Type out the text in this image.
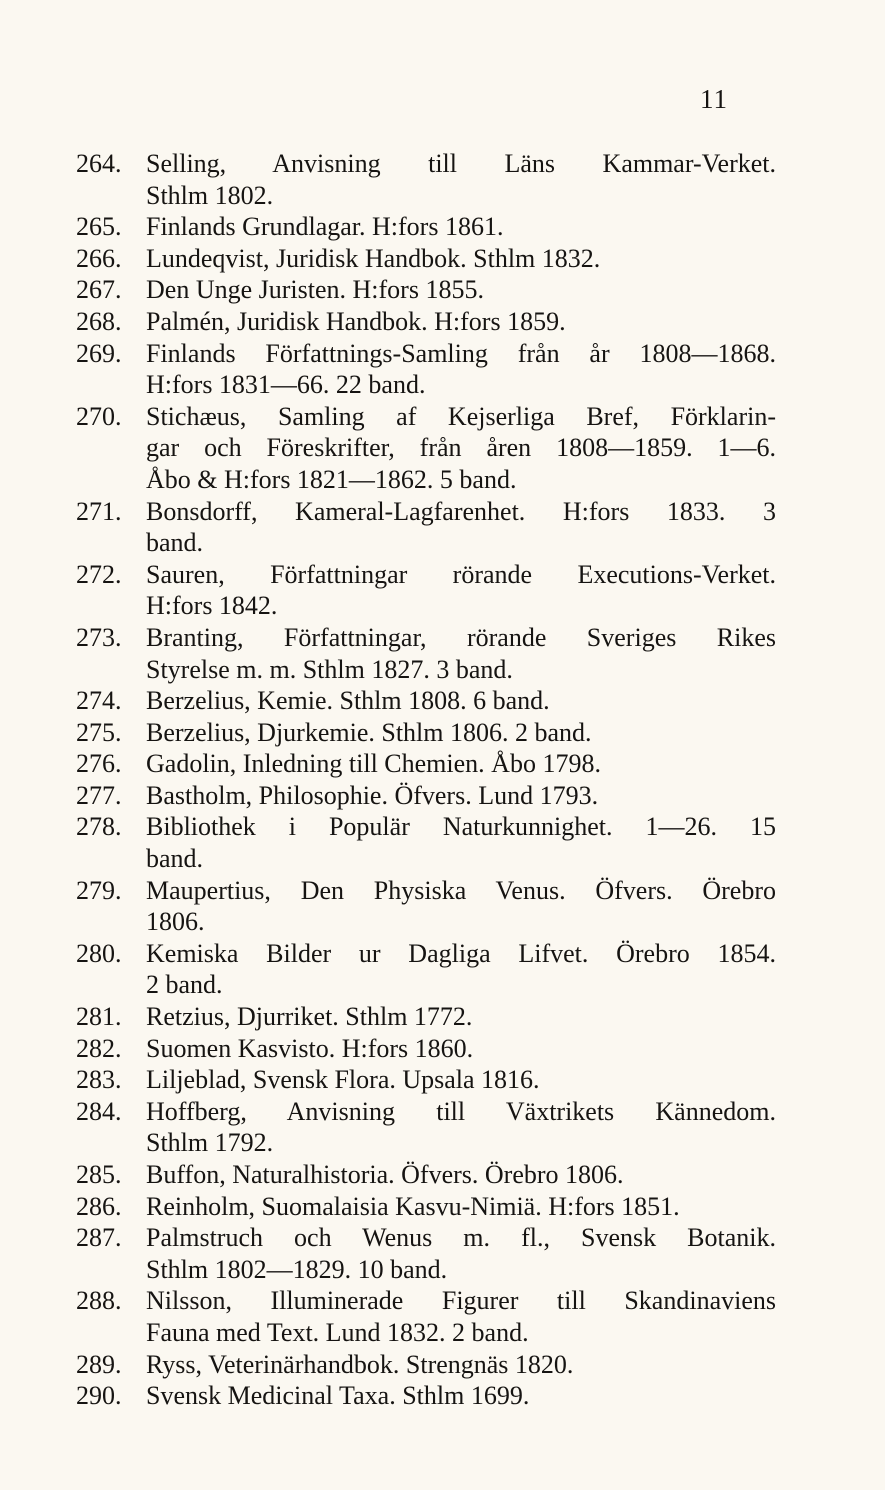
11
264. Selling, Anvisning till Läns Kammar-Verket.
Sthlm 1802.
265. Finlands Grundlagar. H:fors 1861.
266. Lundeqvist, Juridisk Handbok. Sthlm 1832.
267. Den Unge Juristen. H:fors 1855.
268. Palmén, Juridisk Handbok. H:fors 1859.
269. Finlands Författnings-Samling från år 1808—1868.
H:fors 1831—66. 22 band.
270. Stichæus, Samling af Kejserliga Bref, Förklarin-
gar och Föreskrifter, från åren 1808—1859. 1—6.
Åbo & H:fors 1821—1862. 5 band.
271. Bonsdorff, Kameral-Lagfarenhet. H:fors 1833. 3
band.
272. Sauren, Författningar rörande Executions-Verket.
H:fors 1842.
273. Branting, Författningar, rörande Sveriges Rikes
Styrelse m. m. Sthlm 1827. 3 band.
274. Berzelius, Kemie. Sthlm 1808. 6 band.
275. Berzelius, Djurkemie. Sthlm 1806. 2 band.
276. Gadolin, Inledning till Chemien. Åbo 1798.
277. Bastholm, Philosophie. Öfvers. Lund 1793.
278. Bibliothek i Populär Naturkunnighet. 1—26. 15
band.
279. Maupertius, Den Physiska Venus. Öfvers. Örebro
1806.
280. Kemiska Bilder ur Dagliga Lifvet. Örebro 1854.
2 band.
281. Retzius, Djurriket. Sthlm 1772.
282. Suomen Kasvisto. H:fors 1860.
283. Liljeblad, Svensk Flora. Upsala 1816.
284. Hoffberg, Anvisning till Växtrikets Kännedom.
Sthlm 1792.
285. Buffon, Naturalhistoria. Öfvers. Örebro 1806.
286. Reinholm, Suomalaisia Kasvu-Nimiä. H:fors 1851.
287. Palmstruch och Wenus m. fl., Svensk Botanik.
Sthlm 1802—1829. 10 band.
288. Nilsson, Illuminerade Figurer till Skandinaviens
Fauna med Text. Lund 1832. 2 band.
289. Ryss, Veterinärhandbok. Strengnäs 1820.
290. Svensk Medicinal Taxa. Sthlm 1699.
